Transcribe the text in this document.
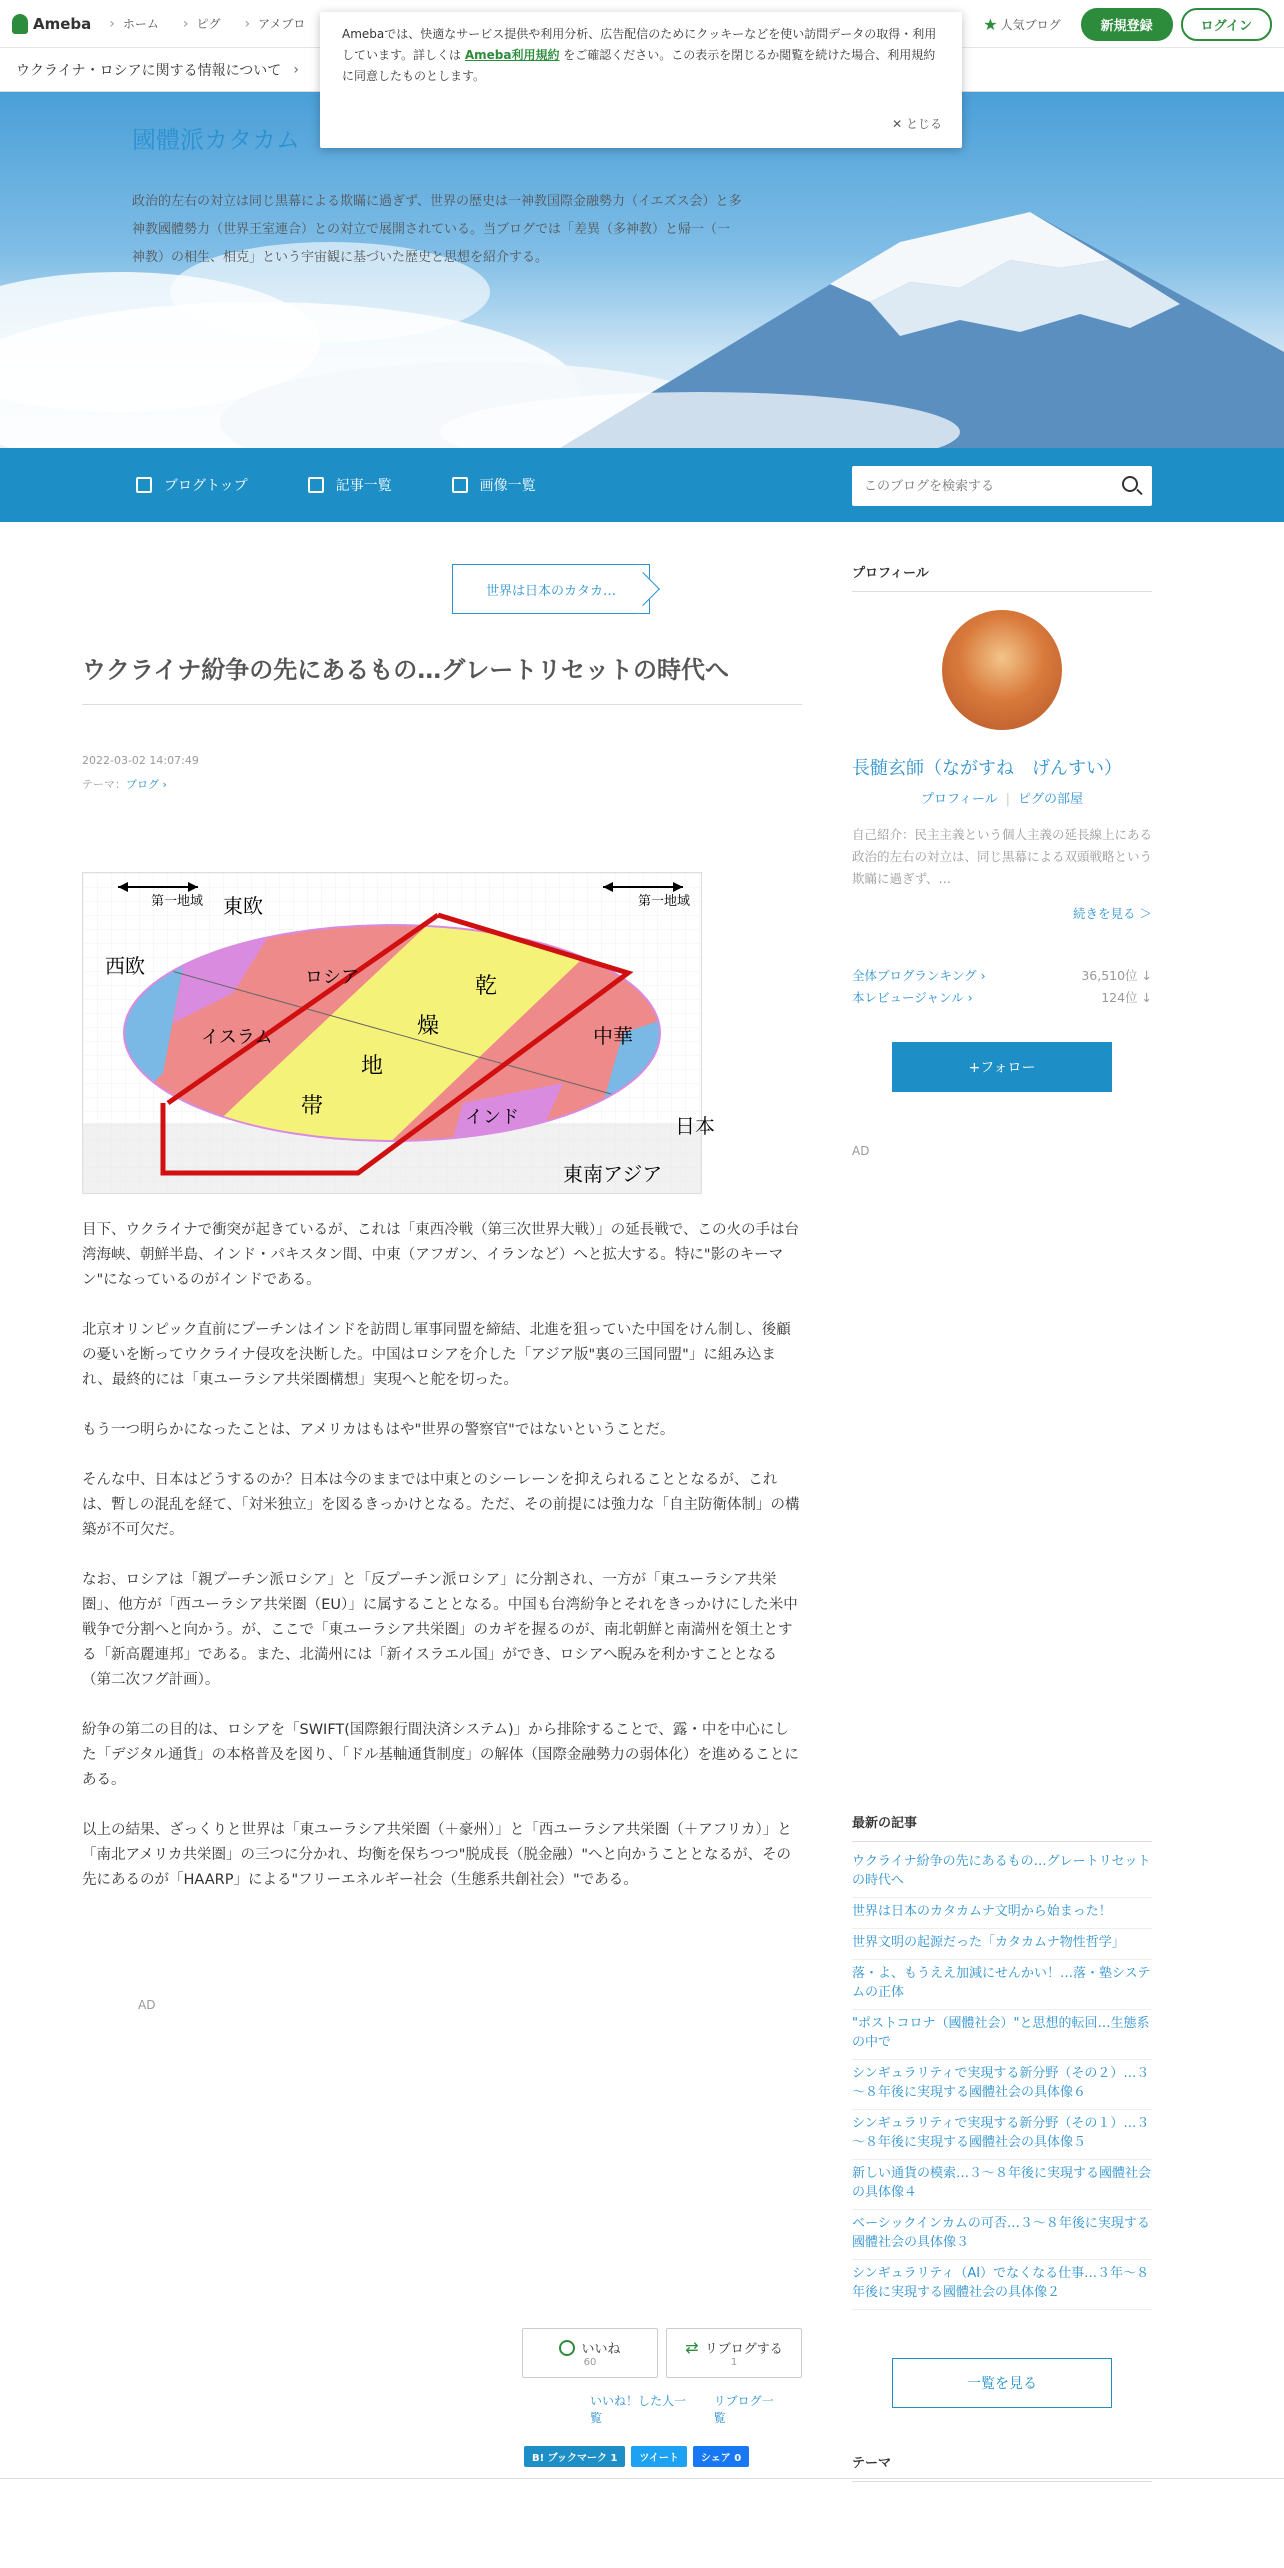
Ameba	› ホーム	› ピグ	› アメブロ	★ 人気ブログ	新規登録	ログイン
國體派カタカム
政治的左右の対立は同じ黒幕による欺瞞に過ぎず、世界の歴史は一神教国際金融勢力（イエズス会）と多神教國體勢力（世界王室連合）との対立で展開されている。当ブログでは「差異（多神教）と帰一（一神教）の相生、相克」という宇宙観に基づいた歴史と思想を紹介する。
ウクライナ・ロシアに関する情報について ›

Amebaでは、快適なサービス提供や利用分析、広告配信のためにクッキーなどを使い訪問データの取得・利用しています。詳しくは Ameba利用規約 をご確認ください。この表示を閉じるか閲覧を続けた場合、利用規約に同意したものとします。

✕ とじる
ブログトップ	記事一覧	画像一覧
このブログを検索する
世界は日本のカタカ…
ウクライナ紛争の先にあるもの…グレートリセットの時代へ
2022-03-02 14:07:49
テーマ：ブログ ›
第一地域	第一地域
東欧
西欧	ロシア	乾
燥
地
帯
イスラム	中華
インド	日本
東南アジア

目下、ウクライナで衝突が起きているが、これは「東西冷戦（第三次世界大戦）」の延長戦で、この火の手は台湾海峡、朝鮮半島、インド・パキスタン間、中東（アフガン、イランなど）へと拡大する。特に"影のキーマン"になっているのがインドである。

北京オリンピック直前にプーチンはインドを訪問し軍事同盟を締結、北進を狙っていた中国をけん制し、後顧の憂いを断ってウクライナ侵攻を決断した。中国はロシアを介した「アジア版"裏の三国同盟"」に組み込まれ、最終的には「東ユーラシア共栄圏構想」実現へと舵を切った。

もう一つ明らかになったことは、アメリカはもはや"世界の警察官"ではないということだ。

そんな中、日本はどうするのか？日本は今のままでは中東とのシーレーンを抑えられることとなるが、これは、暫しの混乱を経て、「対米独立」を図るきっかけとなる。ただ、その前提には強力な「自主防衛体制」の構築が不可欠だ。

なお、ロシアは「親プーチン派ロシア」と「反プーチン派ロシア」に分割され、一方が「東ユーラシア共栄圏」、他方が「西ユーラシア共栄圏（EU）」に属することとなる。中国も台湾紛争とそれをきっかけにした米中戦争で分割へと向かう。が、ここで「東ユーラシア共栄圏」のカギを握るのが、南北朝鮮と南満州を領土とする「新高麗連邦」である。また、北満州には「新イスラエル国」ができ、ロシアへ睨みを利かすこととなる（第二次フグ計画）。

紛争の第二の目的は、ロシアを「SWIFT(国際銀行間決済システム)」から排除することで、露・中を中心にした「デジタル通貨」の本格普及を図り、「ドル基軸通貨制度」の解体（国際金融勢力の弱体化）を進めることにある。

以上の結果、ざっくりと世界は「東ユーラシア共栄圏（＋豪州）」と「西ユーラシア共栄圏（＋アフリカ）」と「南北アメリカ共栄圏」の三つに分かれ、均衡を保ちつつ"脱成長（脱金融）"へと向かうこととなるが、その先にあるのが「HAARP」による"フリーエネルギー社会（生態系共創社会）"である。

AD
いいね
60
⇄ リブログする
1
いいね！した人一覧
リブログ一覧
B! ブックマーク 1	ツイート	シェア 0
プロフィール
長髄玄師（ながすね　げんすい）
プロフィール | ピグの部屋
自己紹介：民主主義という個人主義の延長線上にある政治的左右の対立は、同じ黒幕による双頭戦略という欺瞞に過ぎず、…
続きを見る ＞
全体ブログランキング ›	36,510位 ↓
本レビュージャンル ›	124位 ↓
+フォロー
AD
最新の記事
ウクライナ紛争の先にあるもの…グレートリセットの時代へ
世界は日本のカタカムナ文明から始まった！
世界文明の起源だった「カタカムナ物性哲学」
落・よ、もうええ加減にせんかい！…落・塾システムの正体
"ポストコロナ（國體社会）"と思想的転回…生態系の中で
シンギュラリティで実現する新分野（その２）…３～８年後に実現する國體社会の具体像６
シンギュラリティで実現する新分野（その１）…３～８年後に実現する國體社会の具体像５
新しい通貨の模索…３～８年後に実現する國體社会の具体像４
ベーシックインカムの可否…３～８年後に実現する國體社会の具体像３
シンギュラリティ（AI）でなくなる仕事…３年～８年後に実現する國體社会の具体像２
一覧を見る
テーマ
